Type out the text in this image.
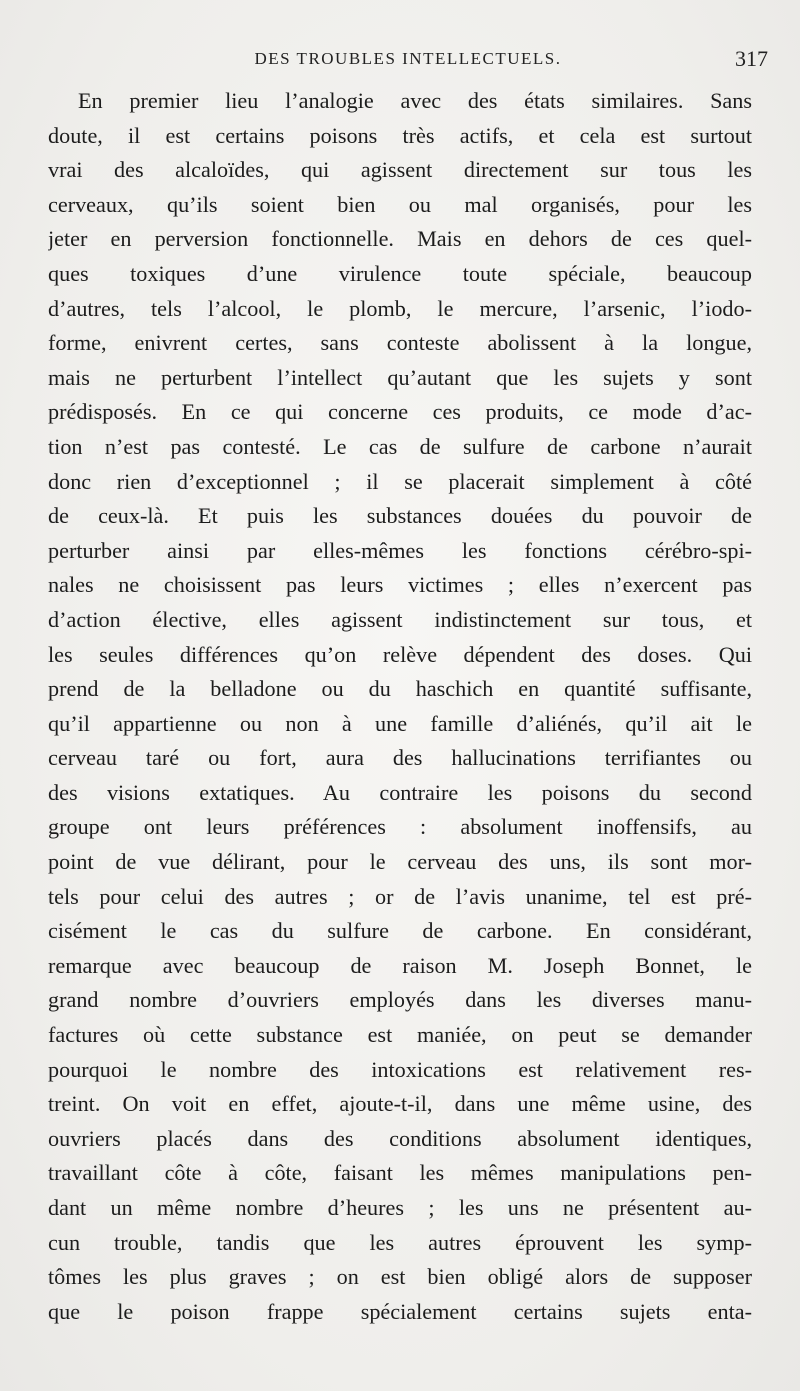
DES TROUBLES INTELLECTUELS.	317
En premier lieu l’analogie avec des états similaires. Sans
doute, il est certains poisons très actifs, et cela est surtout
vrai des alcaloïdes, qui agissent directement sur tous les
cerveaux, qu’ils soient bien ou mal organisés, pour les
jeter en perversion fonctionnelle. Mais en dehors de ces quel-
ques toxiques d’une virulence toute spéciale, beaucoup
d’autres, tels l’alcool, le plomb, le mercure, l’arsenic, l’iodo-
forme, enivrent certes, sans conteste abolissent à la longue,
mais ne perturbent l’intellect qu’autant que les sujets y sont
prédisposés. En ce qui concerne ces produits, ce mode d’ac-
tion n’est pas contesté. Le cas de sulfure de carbone n’aurait
donc rien d’exceptionnel ; il se placerait simplement à côté
de ceux-là. Et puis les substances douées du pouvoir de
perturber ainsi par elles-mêmes les fonctions cérébro-spi-
nales ne choisissent pas leurs victimes ; elles n’exercent pas
d’action élective, elles agissent indistinctement sur tous, et
les seules différences qu’on relève dépendent des doses. Qui
prend de la belladone ou du haschich en quantité suffisante,
qu’il appartienne ou non à une famille d’aliénés, qu’il ait le
cerveau taré ou fort, aura des hallucinations terrifiantes ou
des visions extatiques. Au contraire les poisons du second
groupe ont leurs préférences : absolument inoffensifs, au
point de vue délirant, pour le cerveau des uns, ils sont mor-
tels pour celui des autres ; or de l’avis unanime, tel est pré-
cisément le cas du sulfure de carbone. En considérant,
remarque avec beaucoup de raison M. Joseph Bonnet, le
grand nombre d’ouvriers employés dans les diverses manu-
factures où cette substance est maniée, on peut se demander
pourquoi le nombre des intoxications est relativement res-
treint. On voit en effet, ajoute-t-il, dans une même usine, des
ouvriers placés dans des conditions absolument identiques,
travaillant côte à côte, faisant les mêmes manipulations pen-
dant un même nombre d’heures ; les uns ne présentent au-
cun trouble, tandis que les autres éprouvent les symp-
tômes les plus graves ; on est bien obligé alors de supposer
que le poison frappe spécialement certains sujets enta-
